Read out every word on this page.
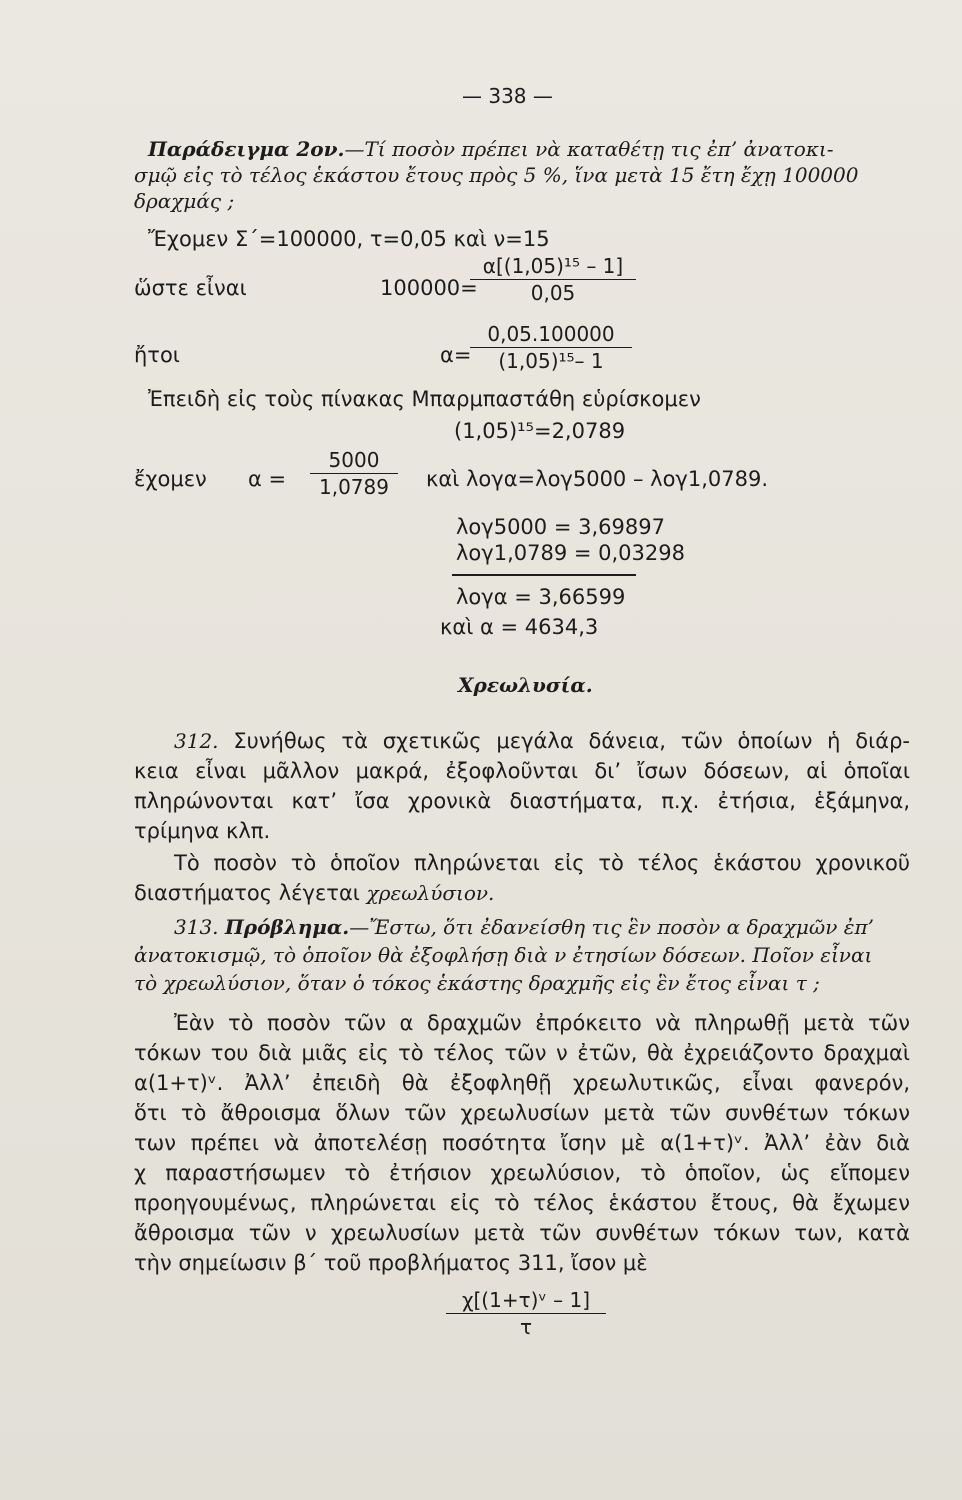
— 338 —
Παράδειγμα 2ον.—Τί ποσὸν πρέπει νὰ καταθέτῃ τις ἐπ’ ἀνατοκι-
σμῷ εἰς τὸ τέλος ἑκάστου ἔτους πρὸς 5 %, ἵνα μετὰ 15 ἔτη ἔχῃ 100000
δραχμάς ;
Ἔχομεν Σ΄=100000, τ=0,05 καὶ ν=15
ὥστε εἶναι	100000=
$\frac{\text{α[(1,05)¹⁵ – 1]}}{0,05}$
ἤτοι	α=
$\frac{0,05.100000}{\text{(1,05)¹⁵– 1}}$
Ἐπειδὴ εἰς τοὺς πίνακας Μπαρμπαστάθη εὑρίσκομεν
(1,05)¹⁵=2,0789
ἔχομεν $\alpha = \frac{5000}{1,0789}$ καὶ λογα=λογ5000 – λογ1,0789.
λογ5000 = 3,69897
λογ1,0789 = 0,03298
λογα = 3,66599
καὶ α = 4634,3
Χρεωλυσία.
312. Συνήθως τὰ σχετικῶς μεγάλα δάνεια, τῶν ὁποίων ἡ διάρ-
κεια εἶναι μᾶλλον μακρά, ἐξοφλοῦνται δι’ ἴσων δόσεων, αἱ ὁποῖαι
πληρώνονται κατ’ ἴσα χρονικὰ διαστήματα, π.χ. ἐτήσια, ἑξάμηνα,
τρίμηνα κλπ.
Τὸ ποσὸν τὸ ὁποῖον πληρώνεται εἰς τὸ τέλος ἑκάστου χρονικοῦ
διαστήματος λέγεται χρεωλύσιον.
313. Πρόβλημα.—Ἔστω, ὅτι ἐδανείσθη τις ἓν ποσὸν α δραχμῶν ἐπ’
ἀνατοκισμῷ, τὸ ὁποῖον θὰ ἐξοφλήσῃ διὰ ν ἐτησίων δόσεων. Ποῖον εἶναι
τὸ χρεωλύσιον, ὅταν ὁ τόκος ἑκάστης δραχμῆς εἰς ἓν ἔτος εἶναι τ ;
Ἐὰν τὸ ποσὸν τῶν α δραχμῶν ἐπρόκειτο νὰ πληρωθῇ μετὰ τῶν
τόκων του διὰ μιᾶς εἰς τὸ τέλος τῶν ν ἐτῶν, θὰ ἐχρειάζοντο δραχμαὶ
α(1+τ)ᵛ. Ἀλλ’ ἐπειδὴ θὰ ἐξοφληθῇ χρεωλυτικῶς, εἶναι φανερόν,
ὅτι τὸ ἄθροισμα ὅλων τῶν χρεωλυσίων μετὰ τῶν συνθέτων τόκων
των πρέπει νὰ ἀποτελέσῃ ποσότητα ἴσην μὲ α(1+τ)ᵛ. Ἀλλ’ ἐὰν διὰ
χ παραστήσωμεν τὸ ἐτήσιον χρεωλύσιον, τὸ ὁποῖον, ὡς εἴπομεν
προηγουμένως, πληρώνεται εἰς τὸ τέλος ἑκάστου ἔτους, θὰ ἔχωμεν
ἄθροισμα τῶν ν χρεωλυσίων μετὰ τῶν συνθέτων τόκων των, κατὰ
τὴν σημείωσιν β΄ τοῦ προβλήματος 311, ἴσον μὲ
$\frac{\text{χ[(1+τ)ᵛ – 1]}}{\tau}$
